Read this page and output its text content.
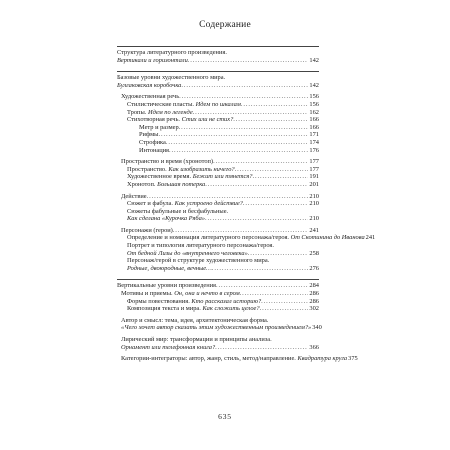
Содержание
Структура литературного произведения.
Вертикали и горизонтали .....	142
Базовые уровни художественного мира.
Булгаковская коробочка .....	142
Художественная речь .....	156
Стилистические пласты. Идем по шкалам .....	156
Тропы. Идем по легенде .....	162
Стихотворная речь. Стих или не стих? .....	166
Метр и размер .....	166
Рифмы .....	171
Строфика .....	174
Интонация .....	176
Пространство и время (хронотоп) .....	177
Пространство. Как изобразить ничего? .....	177
Художественное время. Бежит или тянется? .....	191
Хронотоп. Большая потерка .....	201
Действие .....	210
Сюжет и фабула. Как устроено действие? .....	210
Сюжеты фабульные и бесфабульные.
Как сделана «Курочка Ряба» .....	210
Персонажи (герои) .....	241
Определение и номинация литературного персонажа/героя. От Скотинина до Иванова 241
Портрет и типология литературного персонажа/героя.
От бедной Лизы до «внутреннего человека» .....	258
Персонаж/герой в структуре художественного мира.
Родные, двоюродные, вечные… .....	276
Вертикальные уровни произведения .....	284
Мотивы и приемы. Он, она и нечто в сером .....	286
Формы повествования. Кто рассказал историю? .....	286
Композиция текста и мира. Как сложить целое? .....	302
Автор и смысл: тема, идея, архитектоническая форма.
«Чего хочет автор сказать этим художественным произведением?» 340
Лирический мир: трансформации и принципы анализа.
Орнамент или телефонная книга? .....	366
Категории-интеграторы: автор, жанр, стиль, метод/направление. Квадратура круга 375
635
